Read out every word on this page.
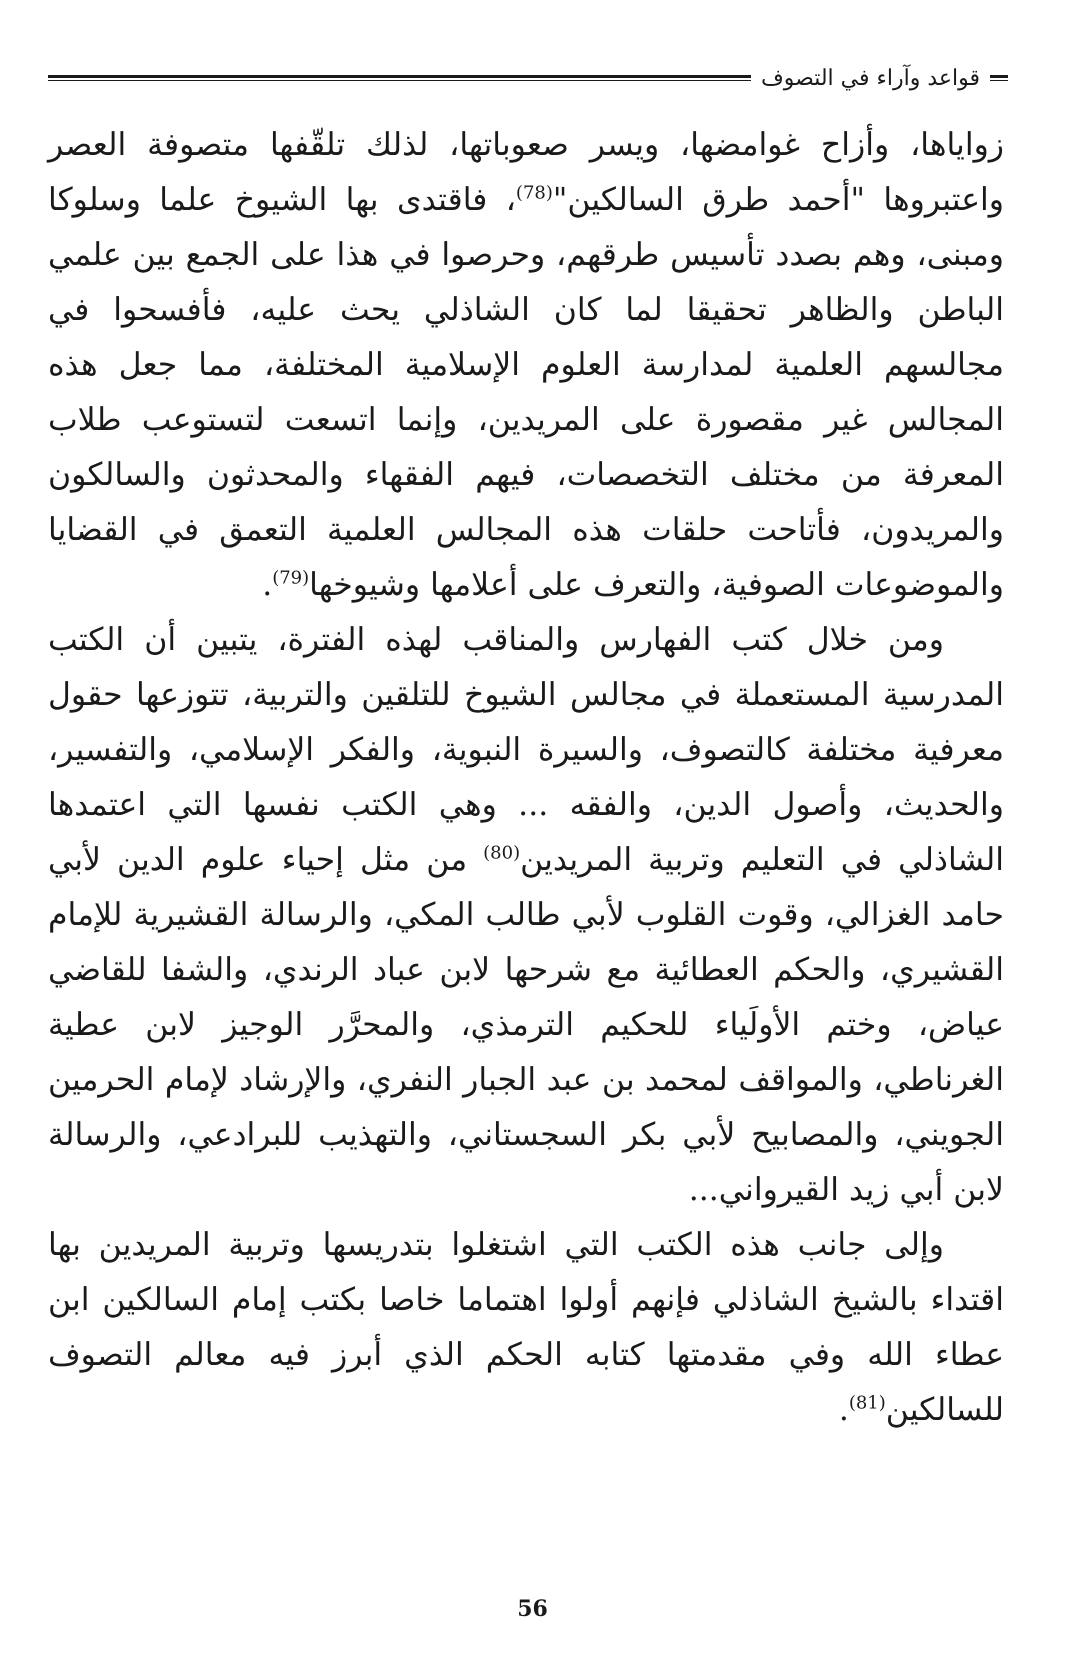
قواعد وآراء في التصوف

زواياها، وأزاح غوامضها، ويسر صعوباتها، لذلك تلقّفها متصوفة العصر واعتبروها "أحمد طرق السالكين"$^{(78)}$، فاقتدى بها الشيوخ علما وسلوكا ومبنى، وهم بصدد تأسيس طرقهم، وحرصوا في هذا على الجمع بين علمي الباطن والظاهر تحقيقا لما كان الشاذلي يحث عليه، فأفسحوا في مجالسهم العلمية لمدارسة العلوم الإسلامية المختلفة، مما جعل هذه المجالس غير مقصورة على المريدين، وإنما اتسعت لتستوعب طلاب المعرفة من مختلف التخصصات، فيهم الفقهاء والمحدثون والسالكون والمريدون، فأتاحت حلقات هذه المجالس العلمية التعمق في القضايا والموضوعات الصوفية، والتعرف على أعلامها وشيوخها$^{(79)}$.

ومن خلال كتب الفهارس والمناقب لهذه الفترة، يتبين أن الكتب المدرسية المستعملة في مجالس الشيوخ للتلقين والتربية، تتوزعها حقول معرفية مختلفة كالتصوف، والسيرة النبوية، والفكر الإسلامي، والتفسير، والحديث، وأصول الدين، والفقه ... وهي الكتب نفسها التي اعتمدها الشاذلي في التعليم وتربية المريدين$^{(80)}$ من مثل إحياء علوم الدين لأبي حامد الغزالي، وقوت القلوب لأبي طالب المكي، والرسالة القشيرية للإمام القشيري، والحكم العطائية مع شرحها لابن عباد الرندي، والشفا للقاضي عياض، وختم الأولَياء للحكيم الترمذي، والمحرَّر الوجيز لابن عطية الغرناطي، والمواقف لمحمد بن عبد الجبار النفري، والإرشاد لإمام الحرمين الجويني، والمصابيح لأبي بكر السجستاني، والتهذيب للبرادعي، والرسالة لابن أبي زيد القيرواني...

وإلى جانب هذه الكتب التي اشتغلوا بتدريسها وتربية المريدين بها اقتداء بالشيخ الشاذلي فإنهم أولوا اهتماما خاصا بكتب إمام السالكين ابن عطاء الله وفي مقدمتها كتابه الحكم الذي أبرز فيه معالم التصوف للسالكين$^{(81)}$.

56
